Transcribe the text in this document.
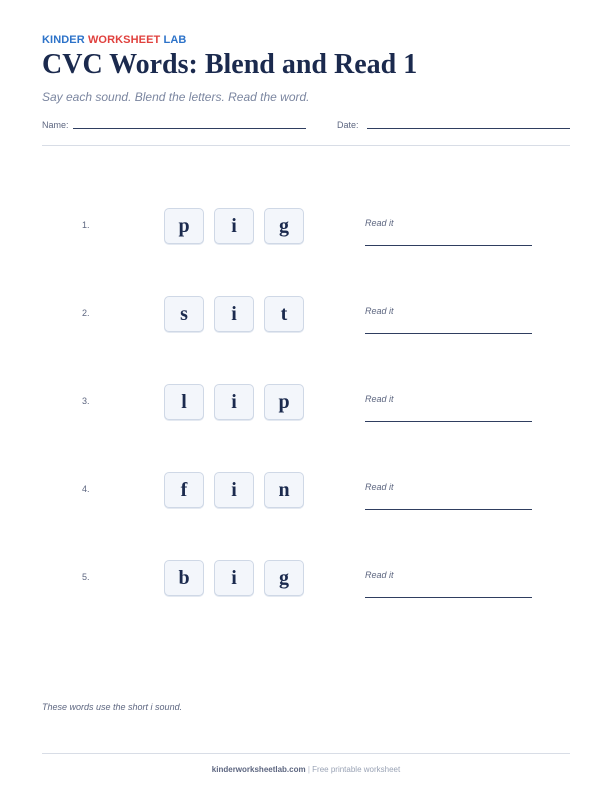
KINDER WORKSHEET LAB
CVC Words: Blend and Read 1
Say each sound. Blend the letters. Read the word.
Name:	Date:
1.	p	i	g	Read it
2.	s	i	t	Read it
3.	l	i	p	Read it
4.	f	i	n	Read it
5.	b	i	g	Read it
These words use the short i sound.
kinderworksheetlab.com | Free printable worksheet
